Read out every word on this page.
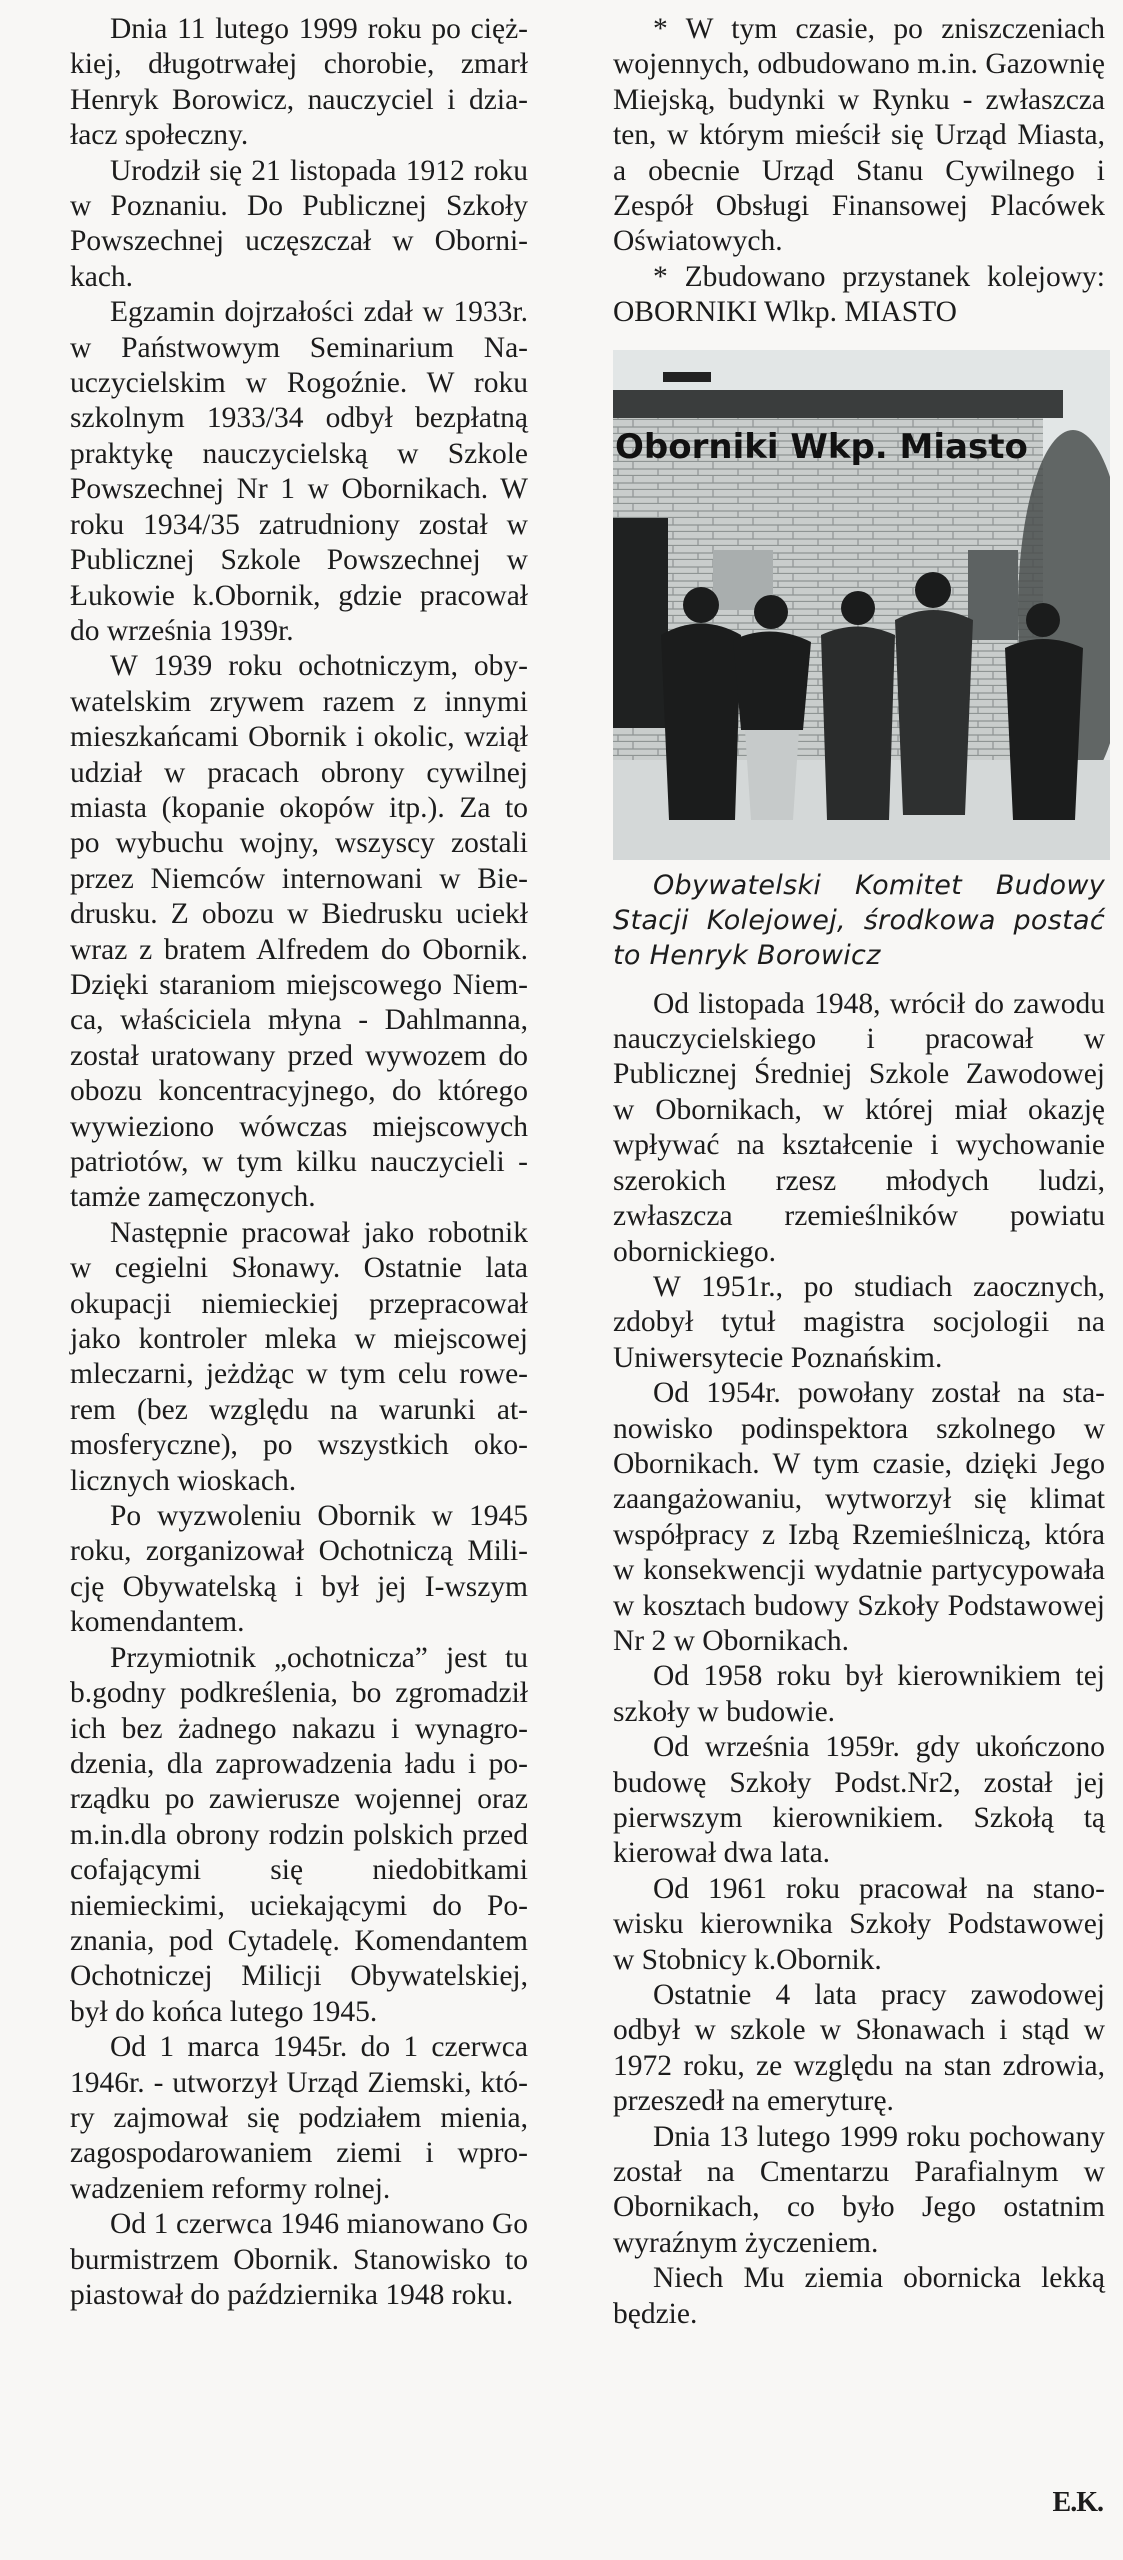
Dnia 11 lutego 1999 roku po ciężkiej, długotrwałej chorobie, zmarł Henryk Borowicz, nauczyciel i działacz społeczny.

Urodził się 21 listopada 1912 roku w Poznaniu. Do Publicznej Szkoły Powszechnej uczęszczał w Obornikach.

Egzamin dojrzałości zdał w 1933r. w Państwowym Seminarium Nauczycielskim w Rogoźnie. W roku szkolnym 1933/34 odbył bezpłatną praktykę nauczycielską w Szkole Powszechnej Nr 1 w Obornikach. W roku 1934/35 zatrudniony został w Publicznej Szkole Powszechnej w Łukowie k.Obornik, gdzie pracował do września 1939r.

W 1939 roku ochotniczym, obywatelskim zrywem razem z innymi mieszkańcami Obornik i okolic, wziął udział w pracach obrony cywilnej miasta (kopanie okopów itp.). Za to po wybuchu wojny, wszyscy zostali przez Niemców internowani w Biedrusku. Z obozu w Biedrusku uciekł wraz z bratem Alfredem do Obornik. Dzięki staraniom miejscowego Niemca, właściciela młyna - Dahlmanna, został uratowany przed wywozem do obozu koncentracyjnego, do którego wywieziono wówczas miejscowych patriotów, w tym kilku nauczycieli - tamże zamęczonych.

Następnie pracował jako robotnik w cegielni Słonawy. Ostatnie lata okupacji niemieckiej przepracował jako kontroler mleka w miejscowej mleczarni, jeżdżąc w tym celu rowerem (bez względu na warunki atmosferyczne), po wszystkich okolicznych wioskach.

Po wyzwoleniu Obornik w 1945 roku, zorganizował Ochotniczą Milicję Obywatelską i był jej I-wszym komendantem.

Przymiotnik „ochotnicza” jest tu b.godny podkreślenia, bo zgromadził ich bez żadnego nakazu i wynagrodzenia, dla zaprowadzenia ładu i porządku po zawierusze wojennej oraz m.in.dla obrony rodzin polskich przed cofającymi się niedobitkami niemieckimi, uciekającymi do Poznania, pod Cytadelę. Komendantem Ochotniczej Milicji Obywatelskiej, był do końca lutego 1945.

Od 1 marca 1945r. do 1 czerwca 1946r. - utworzył Urząd Ziemski, który zajmował się podziałem mienia, zagospodarowaniem ziemi i wprowadzeniem reformy rolnej.

Od 1 czerwca 1946 mianowano Go burmistrzem Obornik. Stanowisko to piastował do października 1948 roku.

* W tym czasie, po zniszczeniach wojennych, odbudowano m.in. Gazownię Miejską, budynki w Rynku - zwłaszcza ten, w którym mieścił się Urząd Miasta, a obecnie Urząd Stanu Cywilnego i Zespół Obsługi Finansowej Placówek Oświatowych.

* Zbudowano przystanek kolejowy: OBORNIKI Wlkp. MIASTO

Oborniki Wkp. Miasto

Obywatelski Komitet Budowy Stacji Kolejowej, środkowa postać to Henryk Borowicz

Od listopada 1948, wrócił do zawodu nauczycielskiego i pracował w Publicznej Średniej Szkole Zawodowej w Obornikach, w której miał okazję wpływać na kształcenie i wychowanie szerokich rzesz młodych ludzi, zwłaszcza rzemieślników powiatu obornickiego.

W 1951r., po studiach zaocznych, zdobył tytuł magistra socjologii na Uniwersytecie Poznańskim.

Od 1954r. powołany został na stanowisko podinspektora szkolnego w Obornikach. W tym czasie, dzięki Jego zaangażowaniu, wytworzył się klimat współpracy z Izbą Rzemieślniczą, która w konsekwencji wydatnie partycypowała w kosztach budowy Szkoły Podstawowej Nr 2 w Obornikach.

Od 1958 roku był kierownikiem tej szkoły w budowie.

Od września 1959r. gdy ukończono budowę Szkoły Podst.Nr2, został jej pierwszym kierownikiem. Szkołą tą kierował dwa lata.

Od 1961 roku pracował na stanowisku kierownika Szkoły Podstawowej w Stobnicy k.Obornik.

Ostatnie 4 lata pracy zawodowej odbył w szkole w Słonawach i stąd w 1972 roku, ze względu na stan zdrowia, przeszedł na emeryturę.

Dnia 13 lutego 1999 roku pochowany został na Cmentarzu Parafialnym w Obornikach, co było Jego ostatnim wyraźnym życzeniem.

Niech Mu ziemia obornicka lekką będzie.

E.K.
